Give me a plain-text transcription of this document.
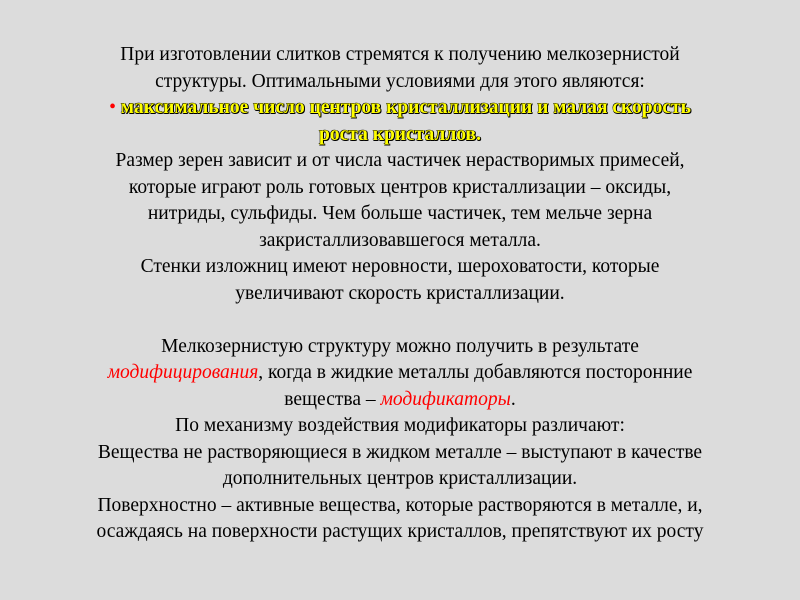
При изготовлении слитков стремятся к получению мелкозернистой
структуры. Оптимальными условиями для этого являются:
• максимальное число центров кристаллизации и малая скорость
роста кристаллов.
Размер зерен зависит и от числа частичек нерастворимых примесей,
которые играют роль готовых центров кристаллизации – оксиды,
нитриды, сульфиды. Чем больше частичек, тем мельче зерна
закристаллизовавшегося металла.
Стенки изложниц имеют неровности, шероховатости, которые
увеличивают скорость кристаллизации.
Мелкозернистую структуру можно получить в результате
модифицирования, когда в жидкие металлы добавляются посторонние
вещества – модификаторы.
По механизму воздействия модификаторы различают:
Вещества не растворяющиеся в жидком металле – выступают в качестве
дополнительных центров кристаллизации.
Поверхностно – активные вещества, которые растворяются в металле, и,
осаждаясь на поверхности растущих кристаллов, препятствуют их росту
